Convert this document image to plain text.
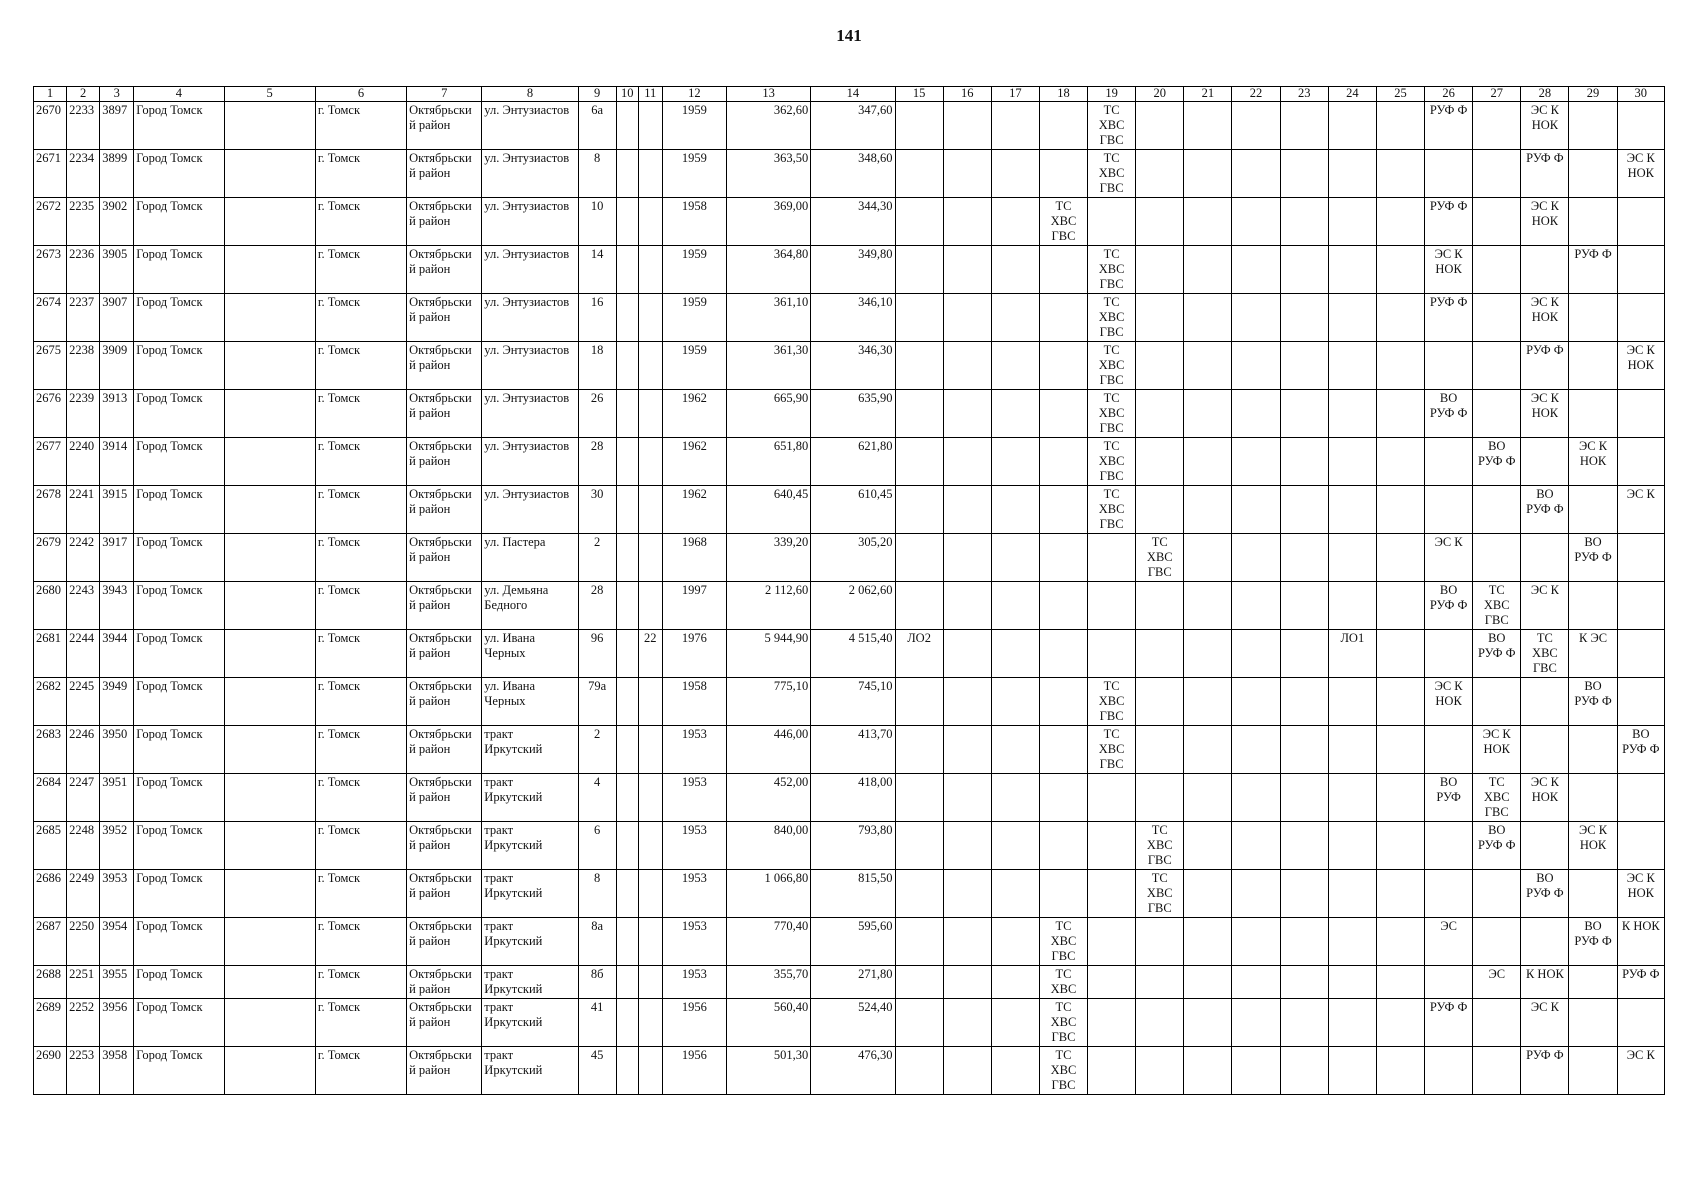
141
1	2	3	4	5	6	7	8	9	10	11	12	13	14	15	16	17	18	19	20	21	22	23	24	25	26	27	28	29	30
2670	2233	3897	Город Томск		г. Томск	Октябрьски
й район	ул. Энтузиастов	6а			1959	362,60	347,60					ТС
ХВС
ГВС							РУФ Ф		ЭС К
НОК		
2671	2234	3899	Город Томск		г. Томск	Октябрьски
й район	ул. Энтузиастов	8			1959	363,50	348,60					ТС
ХВС
ГВС									РУФ Ф		ЭС К
НОК
2672	2235	3902	Город Томск		г. Томск	Октябрьски
й район	ул. Энтузиастов	10			1958	369,00	344,30				ТС
ХВС
ГВС								РУФ Ф		ЭС К
НОК		
2673	2236	3905	Город Томск		г. Томск	Октябрьски
й район	ул. Энтузиастов	14			1959	364,80	349,80					ТС
ХВС
ГВС							ЭС К
НОК			РУФ Ф	
2674	2237	3907	Город Томск		г. Томск	Октябрьски
й район	ул. Энтузиастов	16			1959	361,10	346,10					ТС
ХВС
ГВС							РУФ Ф		ЭС К
НОК		
2675	2238	3909	Город Томск		г. Томск	Октябрьски
й район	ул. Энтузиастов	18			1959	361,30	346,30					ТС
ХВС
ГВС									РУФ Ф		ЭС К
НОК
2676	2239	3913	Город Томск		г. Томск	Октябрьски
й район	ул. Энтузиастов	26			1962	665,90	635,90					ТС
ХВС
ГВС							ВО
РУФ Ф		ЭС К
НОК		
2677	2240	3914	Город Томск		г. Томск	Октябрьски
й район	ул. Энтузиастов	28			1962	651,80	621,80					ТС
ХВС
ГВС								ВО
РУФ Ф		ЭС К
НОК	
2678	2241	3915	Город Томск		г. Томск	Октябрьски
й район	ул. Энтузиастов	30			1962	640,45	610,45					ТС
ХВС
ГВС									ВО
РУФ Ф		ЭС К
2679	2242	3917	Город Томск		г. Томск	Октябрьски
й район	ул. Пастера	2			1968	339,20	305,20						ТС
ХВС
ГВС						ЭС К			ВО
РУФ Ф	
2680	2243	3943	Город Томск		г. Томск	Октябрьски
й район	ул. Демьяна
Бедного	28			1997	2 112,60	2 062,60												ВО
РУФ Ф	ТС
ХВС
ГВС	ЭС К		
2681	2244	3944	Город Томск		г. Томск	Октябрьски
й район	ул. Ивана
Черных	96		22	1976	5 944,90	4 515,40	ЛО2									ЛО1			ВО
РУФ Ф	ТС
ХВС
ГВС	К ЭС	
2682	2245	3949	Город Томск		г. Томск	Октябрьски
й район	ул. Ивана
Черных	79а			1958	775,10	745,10					ТС
ХВС
ГВС							ЭС К
НОК			ВО
РУФ Ф	
2683	2246	3950	Город Томск		г. Томск	Октябрьски
й район	тракт
Иркутский	2			1953	446,00	413,70					ТС
ХВС
ГВС								ЭС К
НОК			ВО
РУФ Ф
2684	2247	3951	Город Томск		г. Томск	Октябрьски
й район	тракт
Иркутский	4			1953	452,00	418,00												ВО
РУФ	ТС
ХВС
ГВС	ЭС К
НОК		
2685	2248	3952	Город Томск		г. Томск	Октябрьски
й район	тракт
Иркутский	6			1953	840,00	793,80						ТС
ХВС
ГВС							ВО
РУФ Ф		ЭС К
НОК	
2686	2249	3953	Город Томск		г. Томск	Октябрьски
й район	тракт
Иркутский	8			1953	1 066,80	815,50						ТС
ХВС
ГВС								ВО
РУФ Ф		ЭС К
НОК
2687	2250	3954	Город Томск		г. Томск	Октябрьски
й район	тракт
Иркутский	8а			1953	770,40	595,60				ТС
ХВС
ГВС								ЭС			ВО
РУФ Ф	К НОК
2688	2251	3955	Город Томск		г. Томск	Октябрьски
й район	тракт
Иркутский	8б			1953	355,70	271,80				ТС
ХВС									ЭС	К НОК		РУФ Ф
2689	2252	3956	Город Томск		г. Томск	Октябрьски
й район	тракт
Иркутский	41			1956	560,40	524,40				ТС
ХВС
ГВС								РУФ Ф		ЭС К		
2690	2253	3958	Город Томск		г. Томск	Октябрьски
й район	тракт
Иркутский	45			1956	501,30	476,30				ТС
ХВС
ГВС										РУФ Ф		ЭС К
